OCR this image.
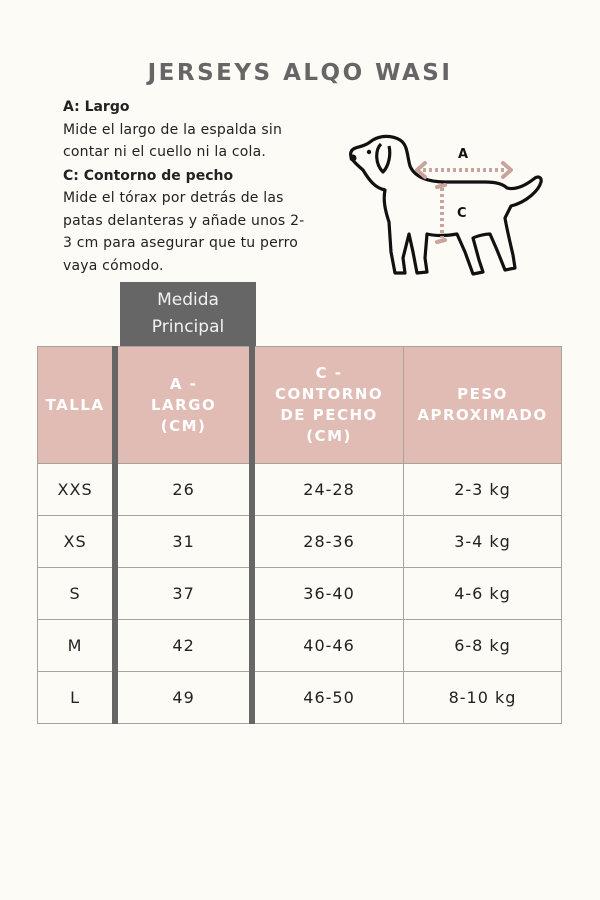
JERSEYS ALQO WASI
A: Largo

Mide el largo de la espalda sin contar ni el cuello ni la cola.

C: Contorno de pecho

Mide el tórax por detrás de las patas delanteras y añade unos 2-3 cm para asegurar que tu perro vaya cómodo.

A
C
Medida
Principal
TALLA	A - LARGO (CM)	C - CONTORNO DE PECHO (CM)	PESO APROXIMADO
XXS	26	24-28	2-3 kg
XS	31	28-36	3-4 kg
S	37	36-40	4-6 kg
M	42	40-46	6-8 kg
L	49	46-50	8-10 kg
